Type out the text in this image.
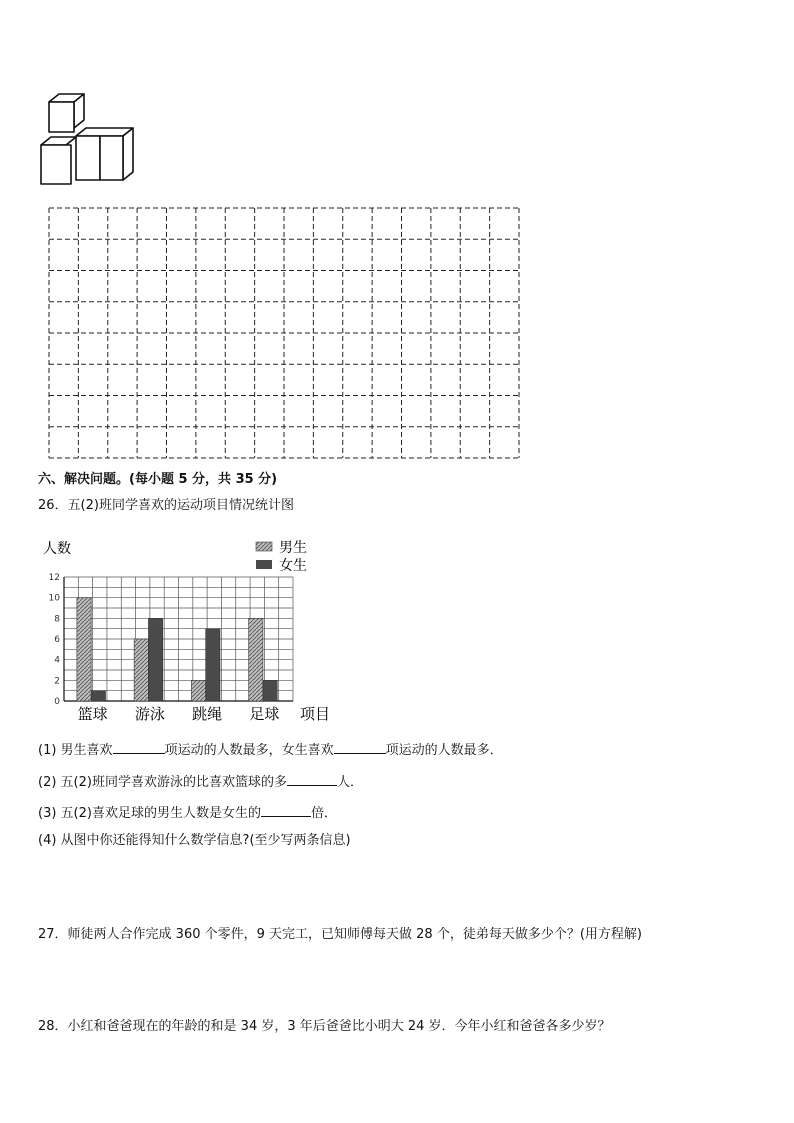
六、解决问题。(每小题 5 分，共 35 分)
26．五(2)班同学喜欢的运动项目情况统计图
0
2
4
6
8
10
12
篮球 游泳 跳绳 足球
人数
项目
男生
女生
(1) 男生喜欢	项运动的人数最多，女生喜欢	项运动的人数最多．
(2) 五(2)班同学喜欢游泳的比喜欢篮球的多	人．
(3) 五(2)喜欢足球的男生人数是女生的	倍．
(4) 从图中你还能得知什么数学信息?(至少写两条信息)
27．师徒两人合作完成 360 个零件，9 天完工，已知师傅每天做 28 个，徒弟每天做多少个？(用方程解)
28．小红和爸爸现在的年龄的和是 34 岁，3 年后爸爸比小明大 24 岁．今年小红和爸爸各多少岁？
